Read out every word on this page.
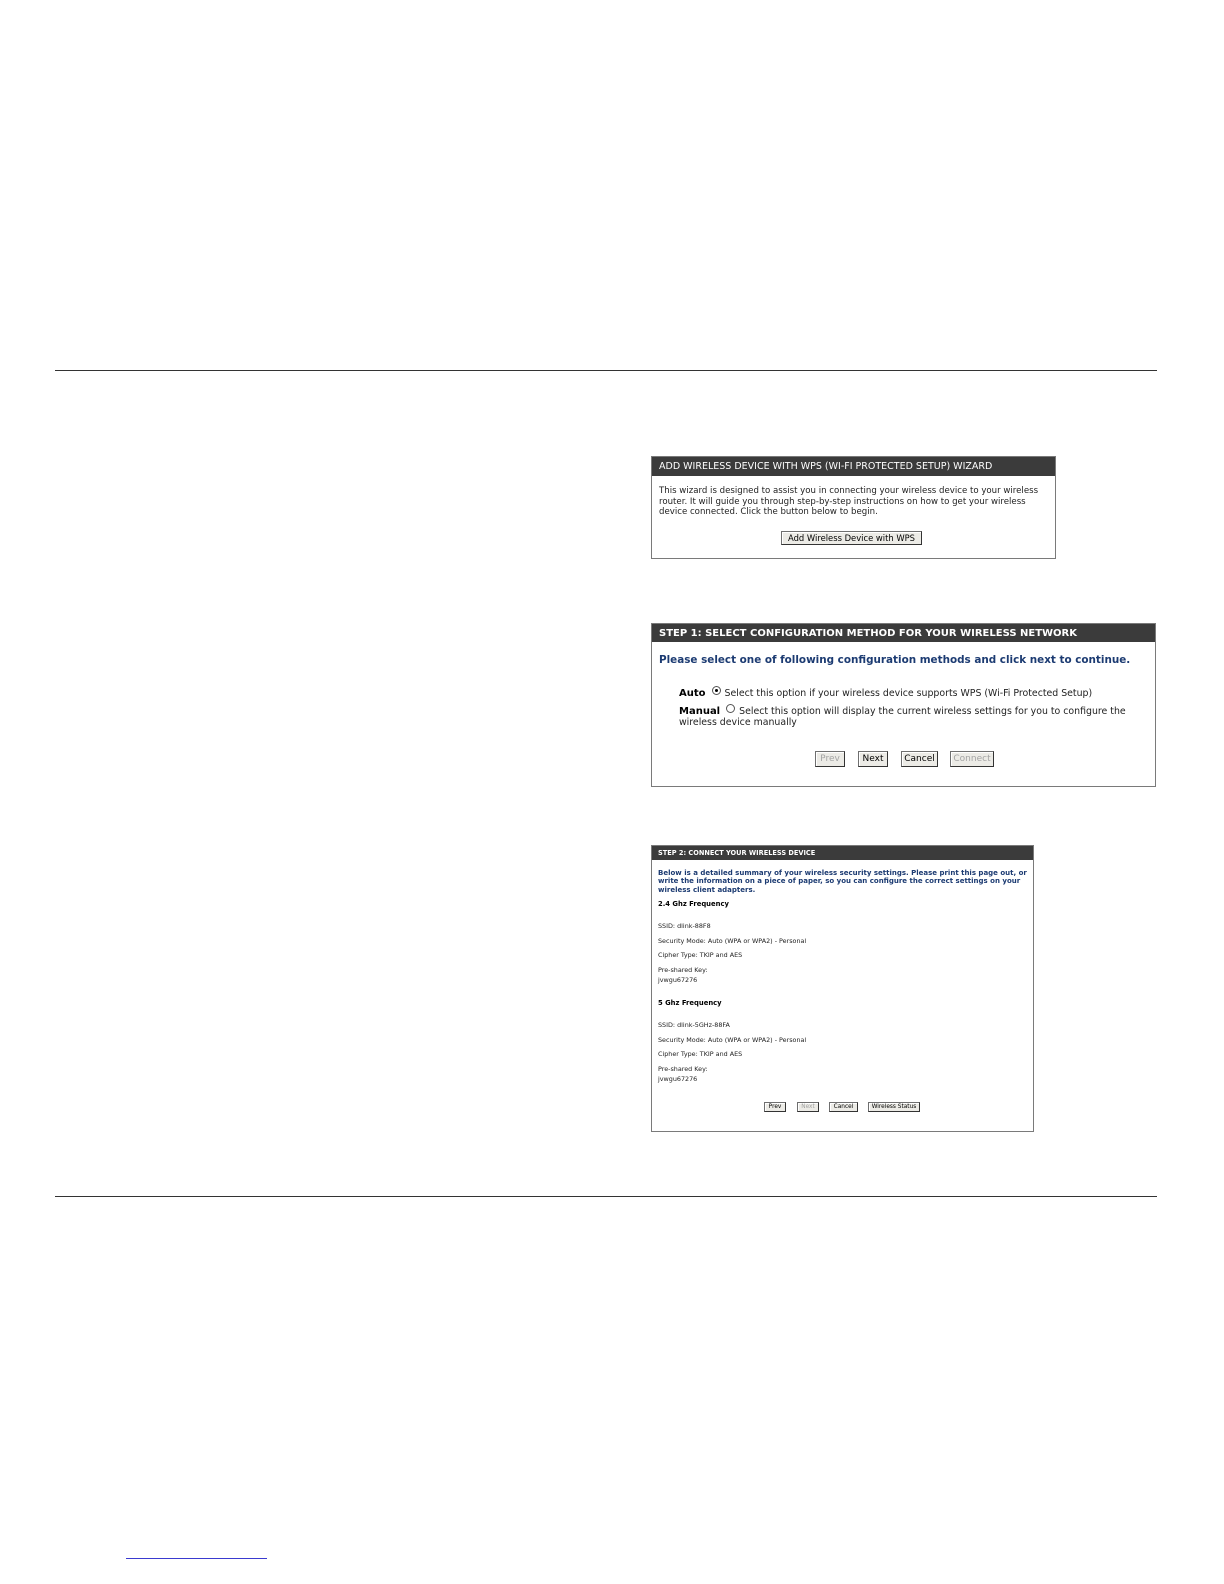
ADD WIRELESS DEVICE WITH WPS (WI-FI PROTECTED SETUP) WIZARD
This wizard is designed to assist you in connecting your wireless device to your wireless router. It will guide you through step-by-step instructions on how to get your wireless device connected. Click the button below to begin.
Add Wireless Device with WPS
STEP 1: SELECT CONFIGURATION METHOD FOR YOUR WIRELESS NETWORK
Please select one of following configuration methods and click next to continue.
Auto Select this option if your wireless device supports WPS (Wi-Fi Protected Setup)
Manual Select this option will display the current wireless settings for you to configure the wireless device manually
Prev	Next	Cancel	Connect
STEP 2: CONNECT YOUR WIRELESS DEVICE
Below is a detailed summary of your wireless security settings. Please print this page out, or write the information on a piece of paper, so you can configure the correct settings on your wireless client adapters.
2.4 Ghz Frequency
SSID: dlink-88F8
Security Mode: Auto (WPA or WPA2) - Personal
Cipher Type: TKIP and AES
Pre-shared Key:
jvwgu67276
5 Ghz Frequency
SSID: dlink-5GHz-88FA
Security Mode: Auto (WPA or WPA2) - Personal
Cipher Type: TKIP and AES
Pre-shared Key:
jvwgu67276
Prev	Next	Cancel	Wireless Status
